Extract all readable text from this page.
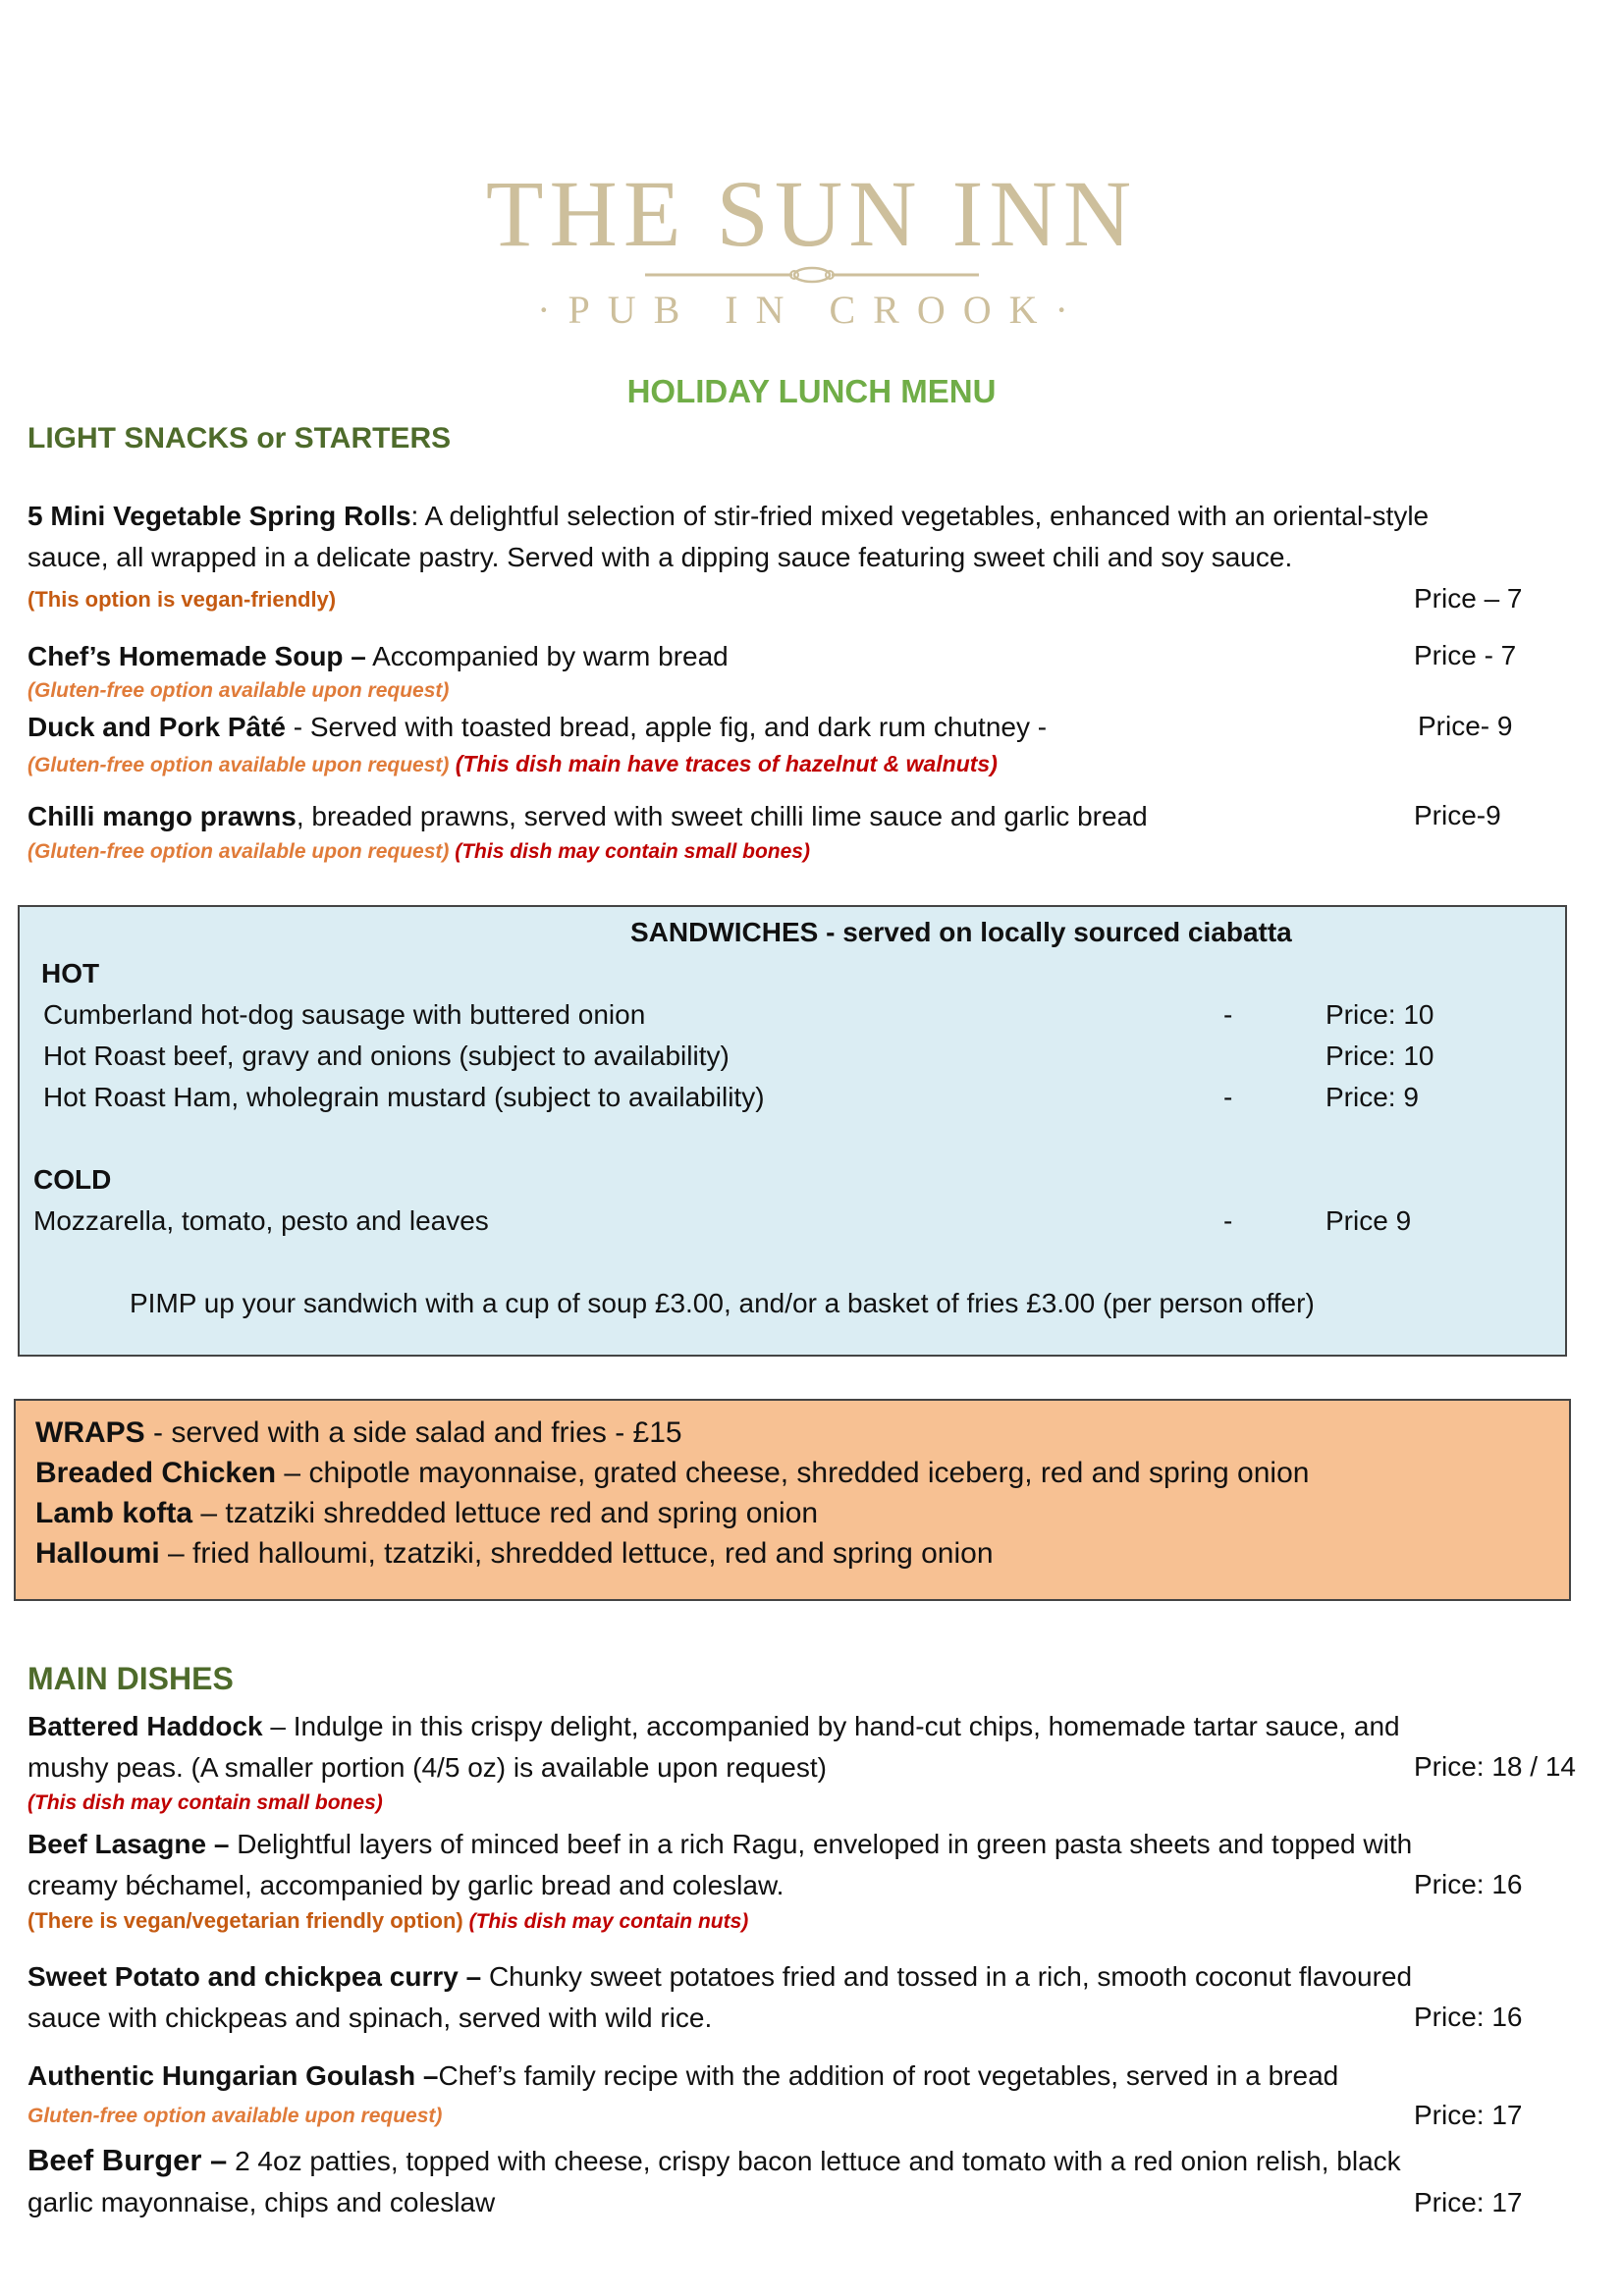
THE SUN INN
·PUB IN CROOK·
HOLIDAY LUNCH MENU
LIGHT SNACKS or STARTERS
5 Mini Vegetable Spring Rolls: A delightful selection of stir-fried mixed vegetables, enhanced with an oriental-style
sauce, all wrapped in a delicate pastry. Served with a dipping sauce featuring sweet chili and soy sauce.
(This option is vegan-friendly)	Price – 7
Chef’s Homemade Soup – Accompanied by warm bread	Price - 7
(Gluten-free option available upon request)
Duck and Pork Pâté - Served with toasted bread, apple fig, and dark rum chutney -	Price- 9
(Gluten-free option available upon request) (This dish main have traces of hazelnut & walnuts)
Chilli mango prawns, breaded prawns, served with sweet chilli lime sauce and garlic bread	Price-9
(Gluten-free option available upon request) (This dish may contain small bones)
SANDWICHES - served on locally sourced ciabatta
HOT
Cumberland hot-dog sausage with buttered onion	-	Price: 10
Hot Roast beef, gravy and onions (subject to availability)	Price: 10
Hot Roast Ham, wholegrain mustard (subject to availability)	-	Price: 9
COLD
Mozzarella, tomato, pesto and leaves	-	Price 9
PIMP up your sandwich with a cup of soup £3.00, and/or a basket of fries £3.00 (per person offer)
WRAPS - served with a side salad and fries - £15
Breaded Chicken – chipotle mayonnaise, grated cheese, shredded iceberg, red and spring onion
Lamb kofta – tzatziki shredded lettuce red and spring onion
Halloumi – fried halloumi, tzatziki, shredded lettuce, red and spring onion
MAIN DISHES
Battered Haddock – Indulge in this crispy delight, accompanied by hand-cut chips, homemade tartar sauce, and
mushy peas. (A smaller portion (4/5 oz) is available upon request)	Price: 18 / 14
(This dish may contain small bones)
Beef Lasagne – Delightful layers of minced beef in a rich Ragu, enveloped in green pasta sheets and topped with
creamy béchamel, accompanied by garlic bread and coleslaw.	Price: 16
(There is vegan/vegetarian friendly option) (This dish may contain nuts)
Sweet Potato and chickpea curry – Chunky sweet potatoes fried and tossed in a rich, smooth coconut flavoured
sauce with chickpeas and spinach, served with wild rice.	Price: 16
Authentic Hungarian Goulash –Chef’s family recipe with the addition of root vegetables, served in a bread
Gluten-free option available upon request)	Price: 17
Beef Burger – 2 4oz patties, topped with cheese, crispy bacon lettuce and tomato with a red onion relish, black
garlic mayonnaise, chips and coleslaw	Price: 17
